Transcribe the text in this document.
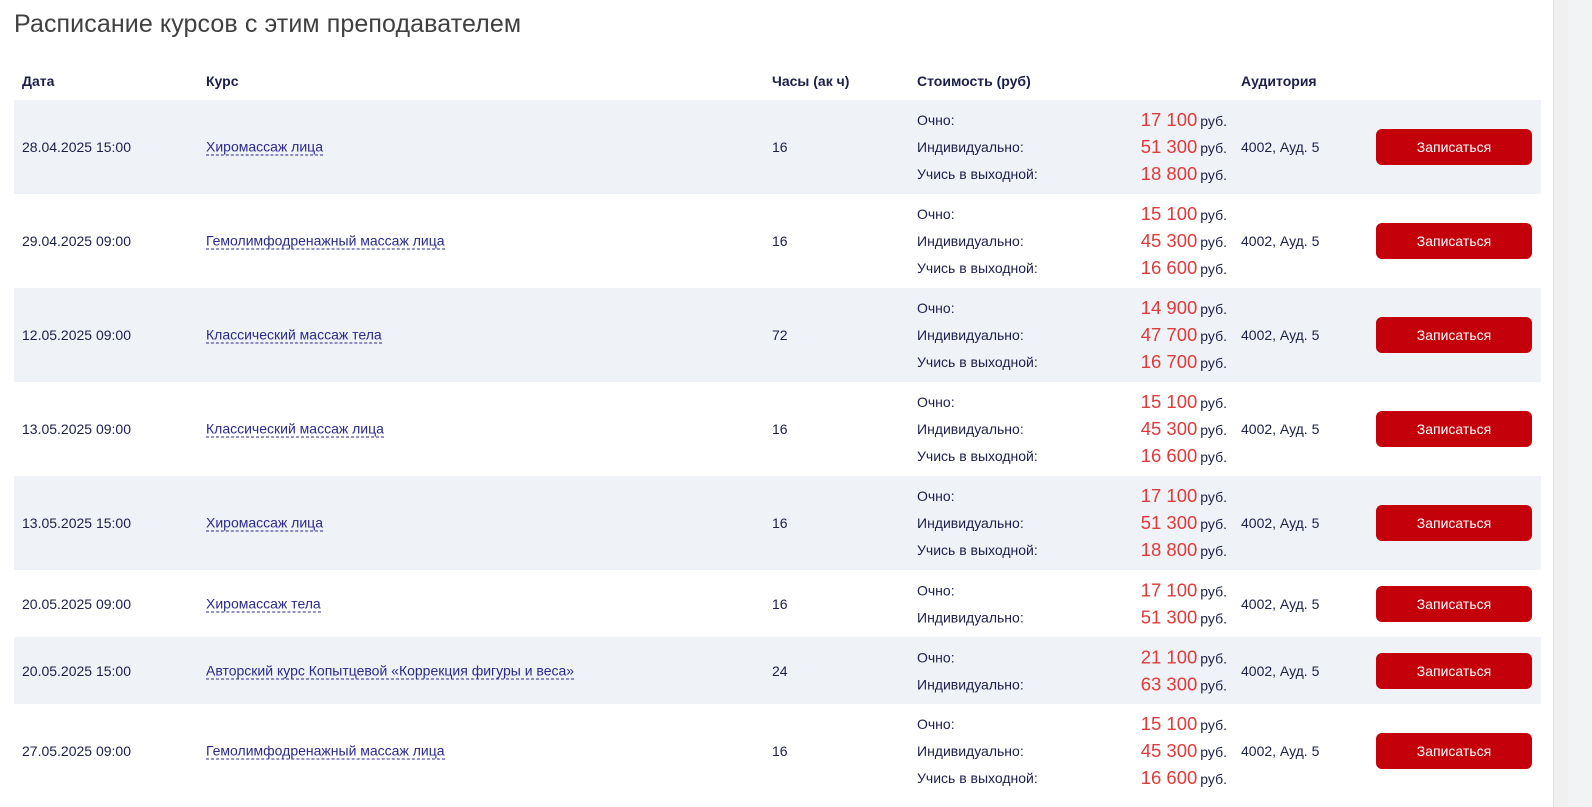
Расписание курсов с этим преподавателем
Дата	Курс	Часы (ак ч)	Стоимость (руб)	Аудитория
28.04.2025 15:00	Хиромассаж лица	16
Очно:	17 100 руб.
Индивидуально:	51 300 руб.
Учись в выходной:	18 800 руб.
4002, Ауд. 5	Записаться
29.04.2025 09:00	Гемолимфодренажный массаж лица	16
Очно:	15 100 руб.
Индивидуально:	45 300 руб.
Учись в выходной:	16 600 руб.
4002, Ауд. 5	Записаться
12.05.2025 09:00	Классический массаж тела	72
Очно:	14 900 руб.
Индивидуально:	47 700 руб.
Учись в выходной:	16 700 руб.
4002, Ауд. 5	Записаться
13.05.2025 09:00	Классический массаж лица	16
Очно:	15 100 руб.
Индивидуально:	45 300 руб.
Учись в выходной:	16 600 руб.
4002, Ауд. 5	Записаться
13.05.2025 15:00	Хиромассаж лица	16
Очно:	17 100 руб.
Индивидуально:	51 300 руб.
Учись в выходной:	18 800 руб.
4002, Ауд. 5	Записаться
20.05.2025 09:00	Хиромассаж тела	16
Очно:	17 100 руб.
Индивидуально:	51 300 руб.
4002, Ауд. 5	Записаться
20.05.2025 15:00	Авторский курс Копытцевой «Коррекция фигуры и веса»	24
Очно:	21 100 руб.
Индивидуально:	63 300 руб.
4002, Ауд. 5	Записаться
27.05.2025 09:00	Гемолимфодренажный массаж лица	16
Очно:	15 100 руб.
Индивидуально:	45 300 руб.
Учись в выходной:	16 600 руб.
4002, Ауд. 5	Записаться
